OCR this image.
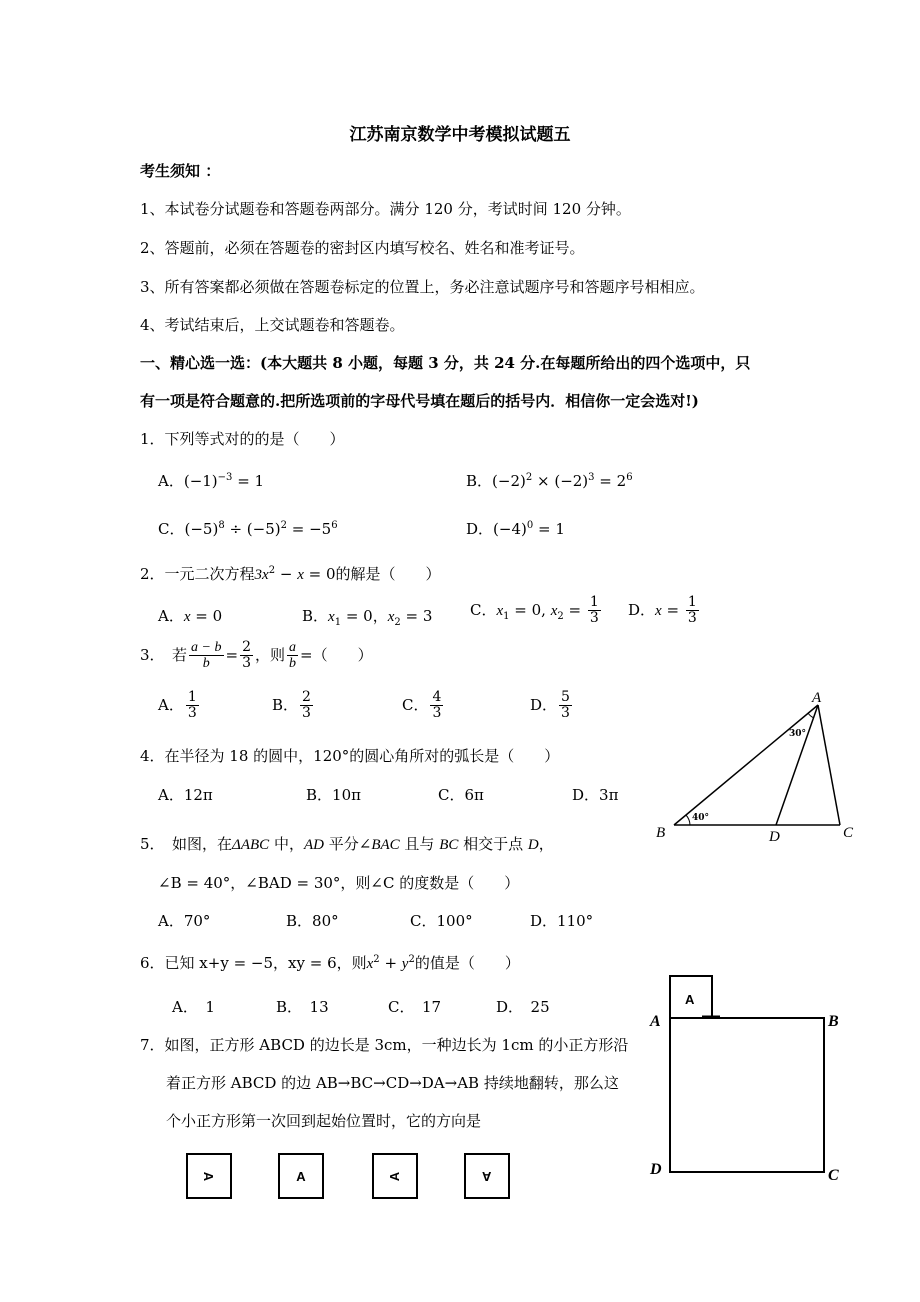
江苏南京数学中考模拟试题五
考生须知 ：
1、本试卷分试题卷和答题卷两部分。满分 120 分，考试时间 120 分钟。
2、答题前，必须在答题卷的密封区内填写校名、姓名和准考证号。
3、所有答案都必须做在答题卷标定的位置上，务必注意试题序号和答题序号相相应。
4、考试结束后，上交试题卷和答题卷。
一、精心选一选：(本大题共 8 小题，每题 3 分，共 24 分.在每题所给出的四个选项中，只
有一项是符合题意的.把所选项前的字母代号填在题后的括号内．相信你一定会选对!)
1．下列等式对的的是（　　）
A．$(-1)^{-3} = 1$	B．$(-2)^2 \times (-2)^3 = 2^6$
C．$(-5)^8 \div (-5)^2 = -5^6$	D．$(-4)^0 = 1$
2．一元二次方程$3x^2 - x = 0$的解是（　　）
A．x = 0	B．$x_1 = 0$，$x_2 = 3$	C．$x_1 = 0$, $x_2 = \frac{1}{3}$ D．$x = \frac{1}{3}$
3．　若 $\frac{a - b}{b} = \frac{2}{3}$ ，则 $\frac{a}{b}$ =（　　）
A． $\frac{1}{3}$	B． $\frac{2}{3}$	C． $\frac{4}{3}$	D． $\frac{5}{3}$
4．在半径为 18 的圆中，120°的圆心角所对的弧长是（　　）
A．12π	B．10π	C．6π	D．3π
5．　如图，在ΔABC 中，AD 平分∠BAC 且与 BC 相交于点 D，
∠B = 40°，∠BAD = 30°，则∠C 的度数是（　　）
A．70°	B．80°	C．100°	D．110°
6．已知 x+y = −5，xy = 6，则$x^2 + y^2$的值是（　　）
A．　1	B．　13	C．　17	D．　25
7．如图，正方形 ABCD 的边长是 3cm，一种边长为 1cm 的小正方形沿
着正方形 ABCD 的边 AB→BC→CD→DA→AB 持续地翻转，那么这
个小正方形第一次回到起始位置时，它的方向是
A	A	A	A
A
B	C
D
40°
30°
A
A	B
C
D
